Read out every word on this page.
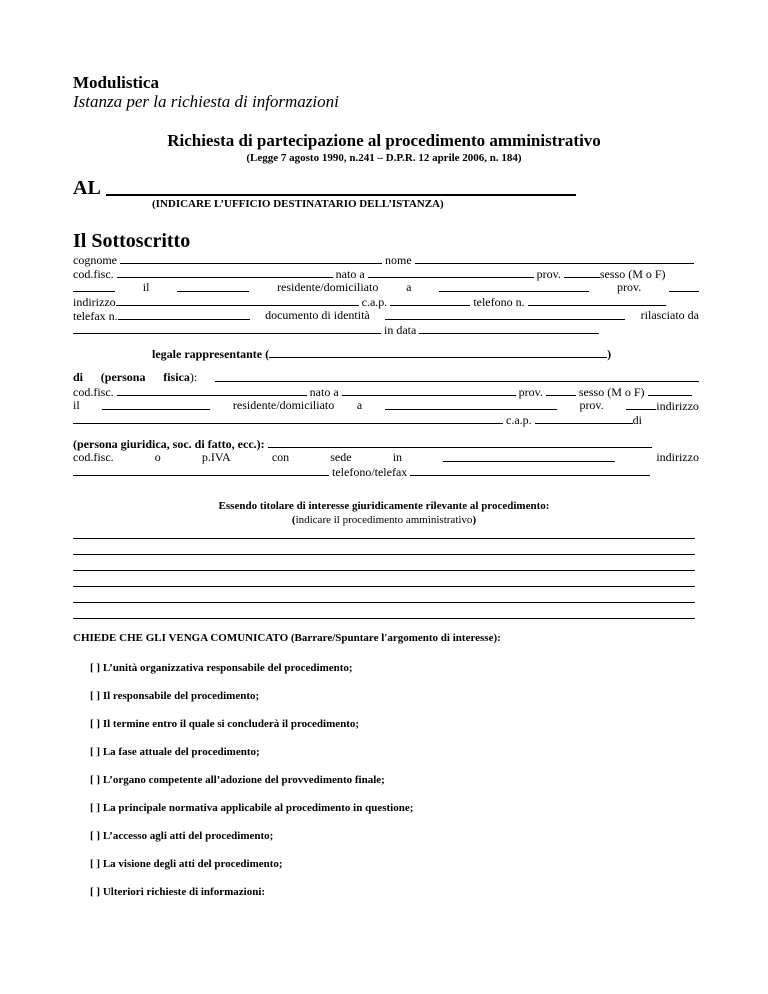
Modulistica
Istanza per la richiesta di informazioni
Richiesta di partecipazione al procedimento amministrativo
(Legge 7 agosto 1990, n.241 – D.P.R. 12 aprile 2006, n. 184)
AL
(INDICARE L’UFFICIO DESTINATARIO DELL’ISTANZA)
Il Sottoscritto
cognome	nome
cod.fisc.	nato a	prov.	sesso (M o F)
il	residente/domiciliato a	prov.
indirizzo	c.a.p.	telefono n.
telefax n.	documento di identità	rilasciato da
in data
legale rappresentante (	)
di (persona fisica):
cod.fisc.	nato a	prov.	sesso (M o F)
il	residente/domiciliato a	prov.	indirizzo
c.a.p.	di
(persona giuridica, soc. di fatto, ecc.):
cod.fisc.	o	p.IVA	con	sede	in	indirizzo
telefono/telefax
Essendo titolare di interesse giuridicamente rilevante al procedimento:
(indicare il procedimento amministrativo)
CHIEDE CHE GLI VENGA COMUNICATO (Barrare/Spuntare l'argomento di interesse):
[ ] L’unità organizzativa responsabile del procedimento;
[ ] Il responsabile del procedimento;
[ ] Il termine entro il quale si concluderà il procedimento;
[ ] La fase attuale del procedimento;
[ ] L’organo competente all’adozione del provvedimento finale;
[ ] La principale normativa applicabile al procedimento in questione;
[ ] L’accesso agli atti del procedimento;
[ ] La visione degli atti del procedimento;
[ ] Ulteriori richieste di informazioni:
